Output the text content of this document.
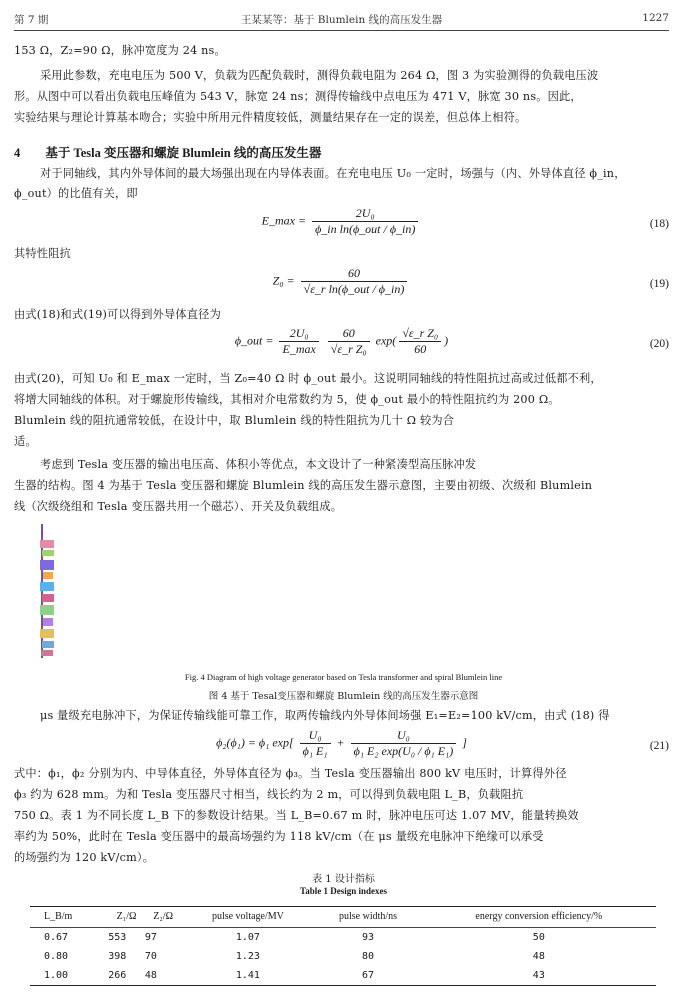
第 7 期	王某某等：基于 Blumlein 线的高压发生器	1227
153 Ω，Z₂=90 Ω，脉冲宽度为 24 ns。
采用此参数，充电电压为 500 V，负载为匹配负载时，测得负载电阻为 264 Ω，图 3 为实验测得的负载电压波
形。从图中可以看出负载电压峰值为 543 V，脉宽 24 ns；测得传输线中点电压为 471 V，脉宽 30 ns。因此，
实验结果与理论计算基本吻合；实验中所用元件精度较低，测量结果存在一定的误差，但总体上相符。
4 基于 Tesla 变压器和螺旋 Blumlein 线的高压发生器
对于同轴线，其内外导体间的最大场强出现在内导体表面。在充电电压 U₀ 一定时，场强与（内、外导体直径 ϕ_in，
ϕ_out）的比值有关，即
E_max = $\frac{\text{2U₀}}{\text{ϕ\_in ln(ϕ\_out / ϕ\_in)}}$	(18)
其特性阻抗
$Z_0 = \frac{60}{\text{√ε\_r ln(ϕ\_out / ϕ\_in)}}$	(19)
由式(18)和式(19)可以得到外导体直径为
ϕ_out = $\frac{\text{2U₀}}{E\_\max}$
$\frac{60}{\text{√ε\_r Z₀}} \exp( \frac{\text{√ε\_r Z₀}}{60}$ )	(20)
由式(20)，可知 U₀ 和 E_max 一定时，当 Z₀=40 Ω 时 ϕ_out 最小。这说明同轴线的特性阻抗过高或过低都不利，
将增大同轴线的体积。对于螺旋形传输线，其相对介电常数约为 5，使 ϕ_out 最小的特性阻抗约为 200 Ω。
Blumlein 线的阻抗通常较低，在设计中，取 Blumlein 线的特性阻抗为几十 Ω 较为合
适。
考虑到 Tesla 变压器的输出电压高、体积小等优点，本文设计了一种紧凑型高压脉冲发
生器的结构。图 4 为基于 Tesla 变压器和螺旋 Blumlein 线的高压发生器示意图，主要由初级、次级和 Blumlein
线（次级绕组和 Tesla 变压器共用一个磁芯）、开关及负载组成。
Fig. 4 Diagram of high voltage generator based on Tesla transformer and spiral Blumlein line
图 4 基于 Tesal变压器和螺旋 Blumlein 线的高压发生器示意图
μs 量级充电脉冲下，为保证传输线能可靠工作，取两传输线内外导体间场强 E₁=E₂=100 kV/cm，由式 (18) 得
ϕ₂(ϕ₁) = ϕ₁ $\exp[ \frac{\text{U₀}}{\text{ϕ₁ E₁}} + \frac{\text{U₀}}{\text{ϕ₁ E₂ exp(U₀ / ϕ₁ E₁)}}$ ]	(21)
式中：ϕ₁，ϕ₂ 分别为内、中导体直径，外导体直径为 ϕ₃。当 Tesla 变压器输出 800 kV 电压时，计算得外径
ϕ₃ 约为 628 mm。为和 Tesla 变压器尺寸相当，线长约为 2 m，可以得到负载电阻 L_B，负载阻抗
750 Ω。表 1 为不同长度 L_B 下的参数设计结果。当 L_B=0.67 m 时，脉冲电压可达 1.07 MV，能量转换效
率约为 50%，此时在 Tesla 变压器中的最高场强约为 118 kV/cm（在 μs 量级充电脉冲下绝缘可以承受
的场强约为 120 kV/cm）。
表 1 设计指标
Table 1 Design indexes
L_B/m	Z₁/Ω	Z₂/Ω	pulse voltage/MV	pulse width/ns	energy conversion efficiency/%
0.67	553	97	1.07	93	50
0.80	398	70	1.23	80	48
1.00	266	48	1.41	67	43
